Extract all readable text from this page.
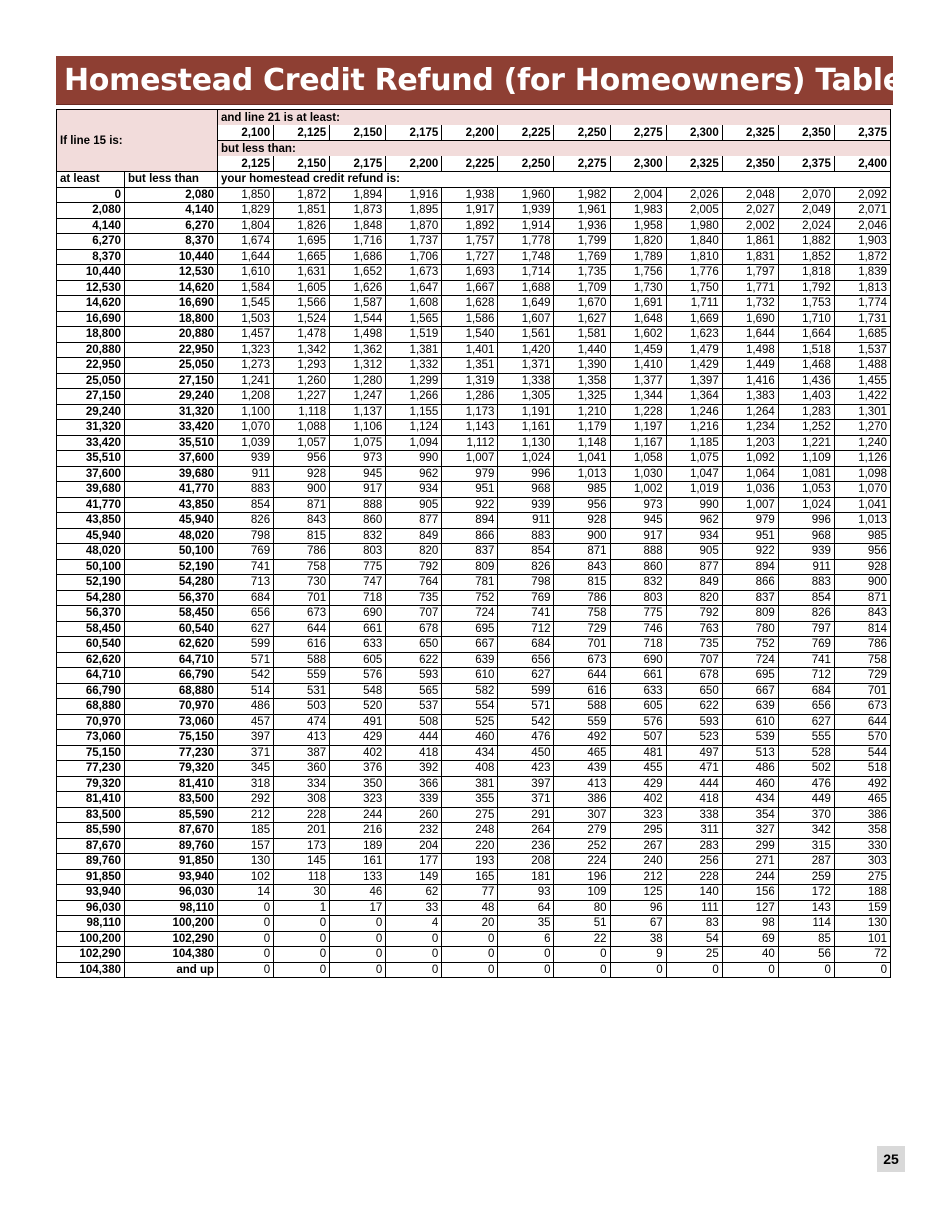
Homestead Credit Refund (for Homeowners) Table
If line 15 is:		and line 21 is at least:											
		2,100	2,125	2,150	2,175	2,200	2,225	2,250	2,275	2,300	2,325	2,350	2,375
		but less than:											
		2,125	2,150	2,175	2,200	2,225	2,250	2,275	2,300	2,325	2,350	2,375	2,400
at least	but less than	your homestead credit refund is:											
0	2,080	1,850	1,872	1,894	1,916	1,938	1,960	1,982	2,004	2,026	2,048	2,070	2,092
2,080	4,140	1,829	1,851	1,873	1,895	1,917	1,939	1,961	1,983	2,005	2,027	2,049	2,071
4,140	6,270	1,804	1,826	1,848	1,870	1,892	1,914	1,936	1,958	1,980	2,002	2,024	2,046
6,270	8,370	1,674	1,695	1,716	1,737	1,757	1,778	1,799	1,820	1,840	1,861	1,882	1,903
8,370	10,440	1,644	1,665	1,686	1,706	1,727	1,748	1,769	1,789	1,810	1,831	1,852	1,872
10,440	12,530	1,610	1,631	1,652	1,673	1,693	1,714	1,735	1,756	1,776	1,797	1,818	1,839
12,530	14,620	1,584	1,605	1,626	1,647	1,667	1,688	1,709	1,730	1,750	1,771	1,792	1,813
14,620	16,690	1,545	1,566	1,587	1,608	1,628	1,649	1,670	1,691	1,711	1,732	1,753	1,774
16,690	18,800	1,503	1,524	1,544	1,565	1,586	1,607	1,627	1,648	1,669	1,690	1,710	1,731
18,800	20,880	1,457	1,478	1,498	1,519	1,540	1,561	1,581	1,602	1,623	1,644	1,664	1,685
20,880	22,950	1,323	1,342	1,362	1,381	1,401	1,420	1,440	1,459	1,479	1,498	1,518	1,537
22,950	25,050	1,273	1,293	1,312	1,332	1,351	1,371	1,390	1,410	1,429	1,449	1,468	1,488
25,050	27,150	1,241	1,260	1,280	1,299	1,319	1,338	1,358	1,377	1,397	1,416	1,436	1,455
27,150	29,240	1,208	1,227	1,247	1,266	1,286	1,305	1,325	1,344	1,364	1,383	1,403	1,422
29,240	31,320	1,100	1,118	1,137	1,155	1,173	1,191	1,210	1,228	1,246	1,264	1,283	1,301
31,320	33,420	1,070	1,088	1,106	1,124	1,143	1,161	1,179	1,197	1,216	1,234	1,252	1,270
33,420	35,510	1,039	1,057	1,075	1,094	1,112	1,130	1,148	1,167	1,185	1,203	1,221	1,240
35,510	37,600	939	956	973	990	1,007	1,024	1,041	1,058	1,075	1,092	1,109	1,126
37,600	39,680	911	928	945	962	979	996	1,013	1,030	1,047	1,064	1,081	1,098
39,680	41,770	883	900	917	934	951	968	985	1,002	1,019	1,036	1,053	1,070
41,770	43,850	854	871	888	905	922	939	956	973	990	1,007	1,024	1,041
43,850	45,940	826	843	860	877	894	911	928	945	962	979	996	1,013
45,940	48,020	798	815	832	849	866	883	900	917	934	951	968	985
48,020	50,100	769	786	803	820	837	854	871	888	905	922	939	956
50,100	52,190	741	758	775	792	809	826	843	860	877	894	911	928
52,190	54,280	713	730	747	764	781	798	815	832	849	866	883	900
54,280	56,370	684	701	718	735	752	769	786	803	820	837	854	871
56,370	58,450	656	673	690	707	724	741	758	775	792	809	826	843
58,450	60,540	627	644	661	678	695	712	729	746	763	780	797	814
60,540	62,620	599	616	633	650	667	684	701	718	735	752	769	786
62,620	64,710	571	588	605	622	639	656	673	690	707	724	741	758
64,710	66,790	542	559	576	593	610	627	644	661	678	695	712	729
66,790	68,880	514	531	548	565	582	599	616	633	650	667	684	701
68,880	70,970	486	503	520	537	554	571	588	605	622	639	656	673
70,970	73,060	457	474	491	508	525	542	559	576	593	610	627	644
73,060	75,150	397	413	429	444	460	476	492	507	523	539	555	570
75,150	77,230	371	387	402	418	434	450	465	481	497	513	528	544
77,230	79,320	345	360	376	392	408	423	439	455	471	486	502	518
79,320	81,410	318	334	350	366	381	397	413	429	444	460	476	492
81,410	83,500	292	308	323	339	355	371	386	402	418	434	449	465
83,500	85,590	212	228	244	260	275	291	307	323	338	354	370	386
85,590	87,670	185	201	216	232	248	264	279	295	311	327	342	358
87,670	89,760	157	173	189	204	220	236	252	267	283	299	315	330
89,760	91,850	130	145	161	177	193	208	224	240	256	271	287	303
91,850	93,940	102	118	133	149	165	181	196	212	228	244	259	275
93,940	96,030	14	30	46	62	77	93	109	125	140	156	172	188
96,030	98,110	0	1	17	33	48	64	80	96	111	127	143	159
98,110	100,200	0	0	0	4	20	35	51	67	83	98	114	130
100,200	102,290	0	0	0	0	0	6	22	38	54	69	85	101
102,290	104,380	0	0	0	0	0	0	0	9	25	40	56	72
104,380	and up	0	0	0	0	0	0	0	0	0	0	0	0
25
